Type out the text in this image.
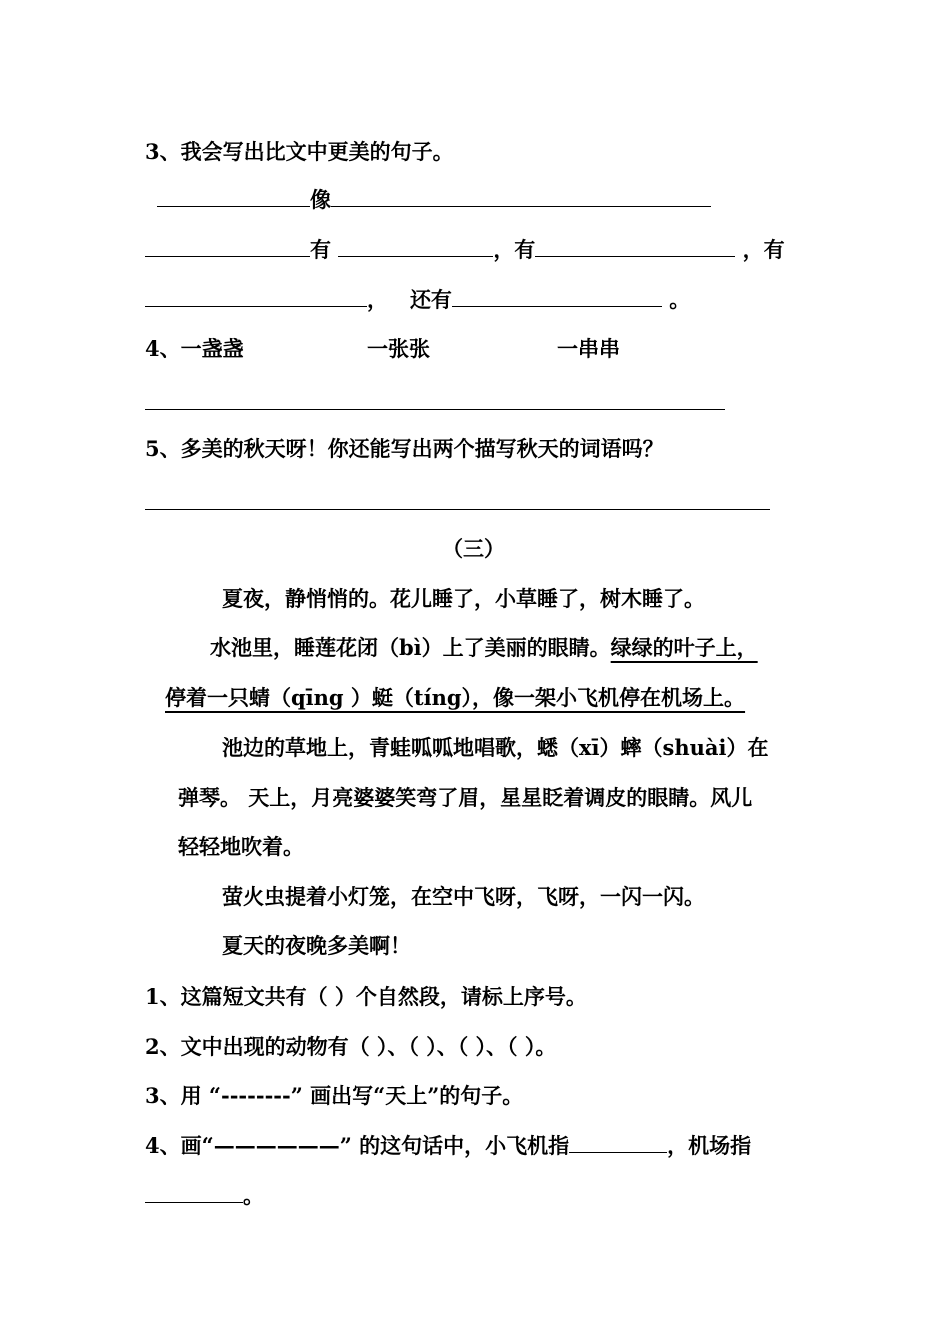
3、我会写出比文中更美的句子。
像
有	，有	，有
， 还有	。
4、一盏盏	一张张	一串串
5、多美的秋天呀！你还能写出两个描写秋天的词语吗？
（三）
夏夜，静悄悄的。花儿睡了，小草睡了，树木睡了。
水池里，睡莲花闭（bì）上了美丽的眼睛。绿绿的叶子上，
停着一只蜻（qīng ）蜓（tíng），像一架小飞机停在机场上。
池边的草地上，青蛙呱呱地唱歌，蟋（xī）蟀（shuài）在
弹琴。 天上，月亮婆婆笑弯了眉，星星眨着调皮的眼睛。风儿
轻轻地吹着。
萤火虫提着小灯笼，在空中飞呀，飞呀，一闪一闪。
夏天的夜晚多美啊！
1、这篇短文共有（ ）个自然段，请标上序号。
2、文中出现的动物有（ ）、（ ）、（ ）、（ ）。
3、用 “--------” 画出写“天上”的句子。
4、画“——————” 的这句话中，小飞机指	，机场指
。
